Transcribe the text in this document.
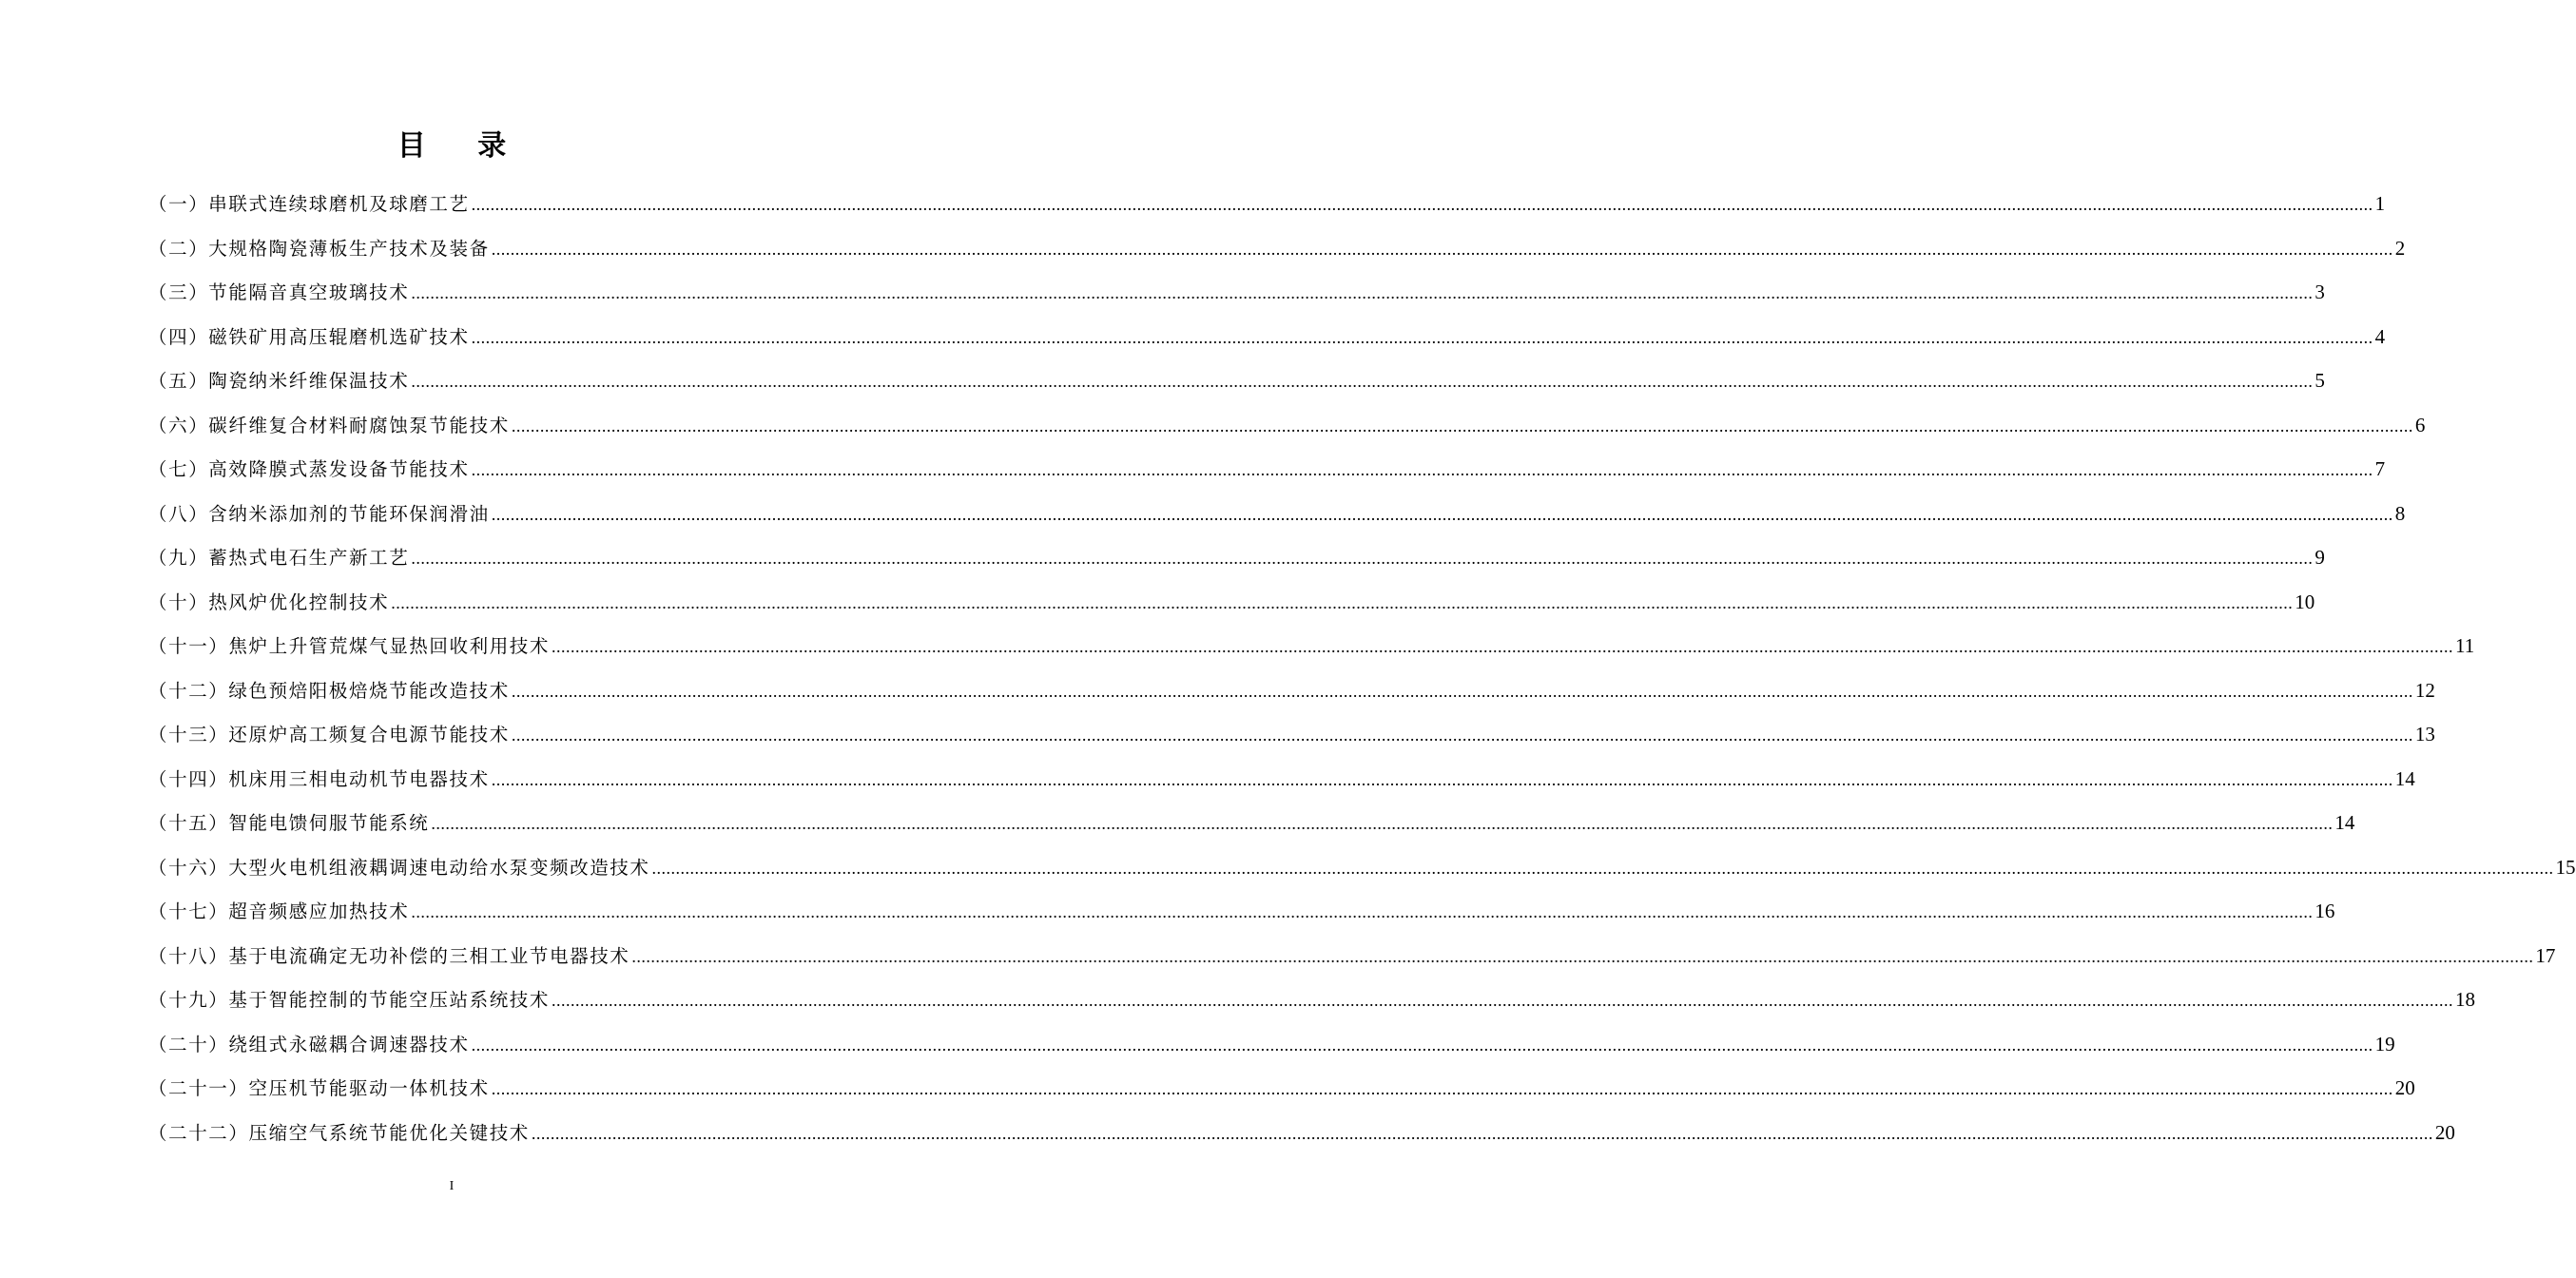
目 录
（一）串联式连续球磨机及球磨工艺 ................................................................................................................................................................................................................................................................................................................................................................................................................ 1
（二）大规格陶瓷薄板生产技术及装备 ................................................................................................................................................................................................................................................................................................................................................................................................................ 2
（三）节能隔音真空玻璃技术 ................................................................................................................................................................................................................................................................................................................................................................................................................ 3
（四）磁铁矿用高压辊磨机选矿技术 ................................................................................................................................................................................................................................................................................................................................................................................................................ 4
（五）陶瓷纳米纤维保温技术 ................................................................................................................................................................................................................................................................................................................................................................................................................ 5
（六）碳纤维复合材料耐腐蚀泵节能技术 ................................................................................................................................................................................................................................................................................................................................................................................................................ 6
（七）高效降膜式蒸发设备节能技术 ................................................................................................................................................................................................................................................................................................................................................................................................................ 7
（八）含纳米添加剂的节能环保润滑油 ................................................................................................................................................................................................................................................................................................................................................................................................................ 8
（九）蓄热式电石生产新工艺 ................................................................................................................................................................................................................................................................................................................................................................................................................ 9
（十）热风炉优化控制技术 ................................................................................................................................................................................................................................................................................................................................................................................................................ 10
（十一）焦炉上升管荒煤气显热回收利用技术 ................................................................................................................................................................................................................................................................................................................................................................................................................ 11
（十二）绿色预焙阳极焙烧节能改造技术 ................................................................................................................................................................................................................................................................................................................................................................................................................ 12
（十三）还原炉高工频复合电源节能技术 ................................................................................................................................................................................................................................................................................................................................................................................................................ 13
（十四）机床用三相电动机节电器技术 ................................................................................................................................................................................................................................................................................................................................................................................................................ 14
（十五）智能电馈伺服节能系统 ................................................................................................................................................................................................................................................................................................................................................................................................................ 14
（十六）大型火电机组液耦调速电动给水泵变频改造技术 ................................................................................................................................................................................................................................................................................................................................................................................................................ 15
（十七）超音频感应加热技术 ................................................................................................................................................................................................................................................................................................................................................................................................................ 16
（十八）基于电流确定无功补偿的三相工业节电器技术 ................................................................................................................................................................................................................................................................................................................................................................................................................ 17
（十九）基于智能控制的节能空压站系统技术 ................................................................................................................................................................................................................................................................................................................................................................................................................ 18
（二十）绕组式永磁耦合调速器技术 ................................................................................................................................................................................................................................................................................................................................................................................................................ 19
（二十一）空压机节能驱动一体机技术 ................................................................................................................................................................................................................................................................................................................................................................................................................ 20
（二十二）压缩空气系统节能优化关键技术 ................................................................................................................................................................................................................................................................................................................................................................................................................ 20
I
